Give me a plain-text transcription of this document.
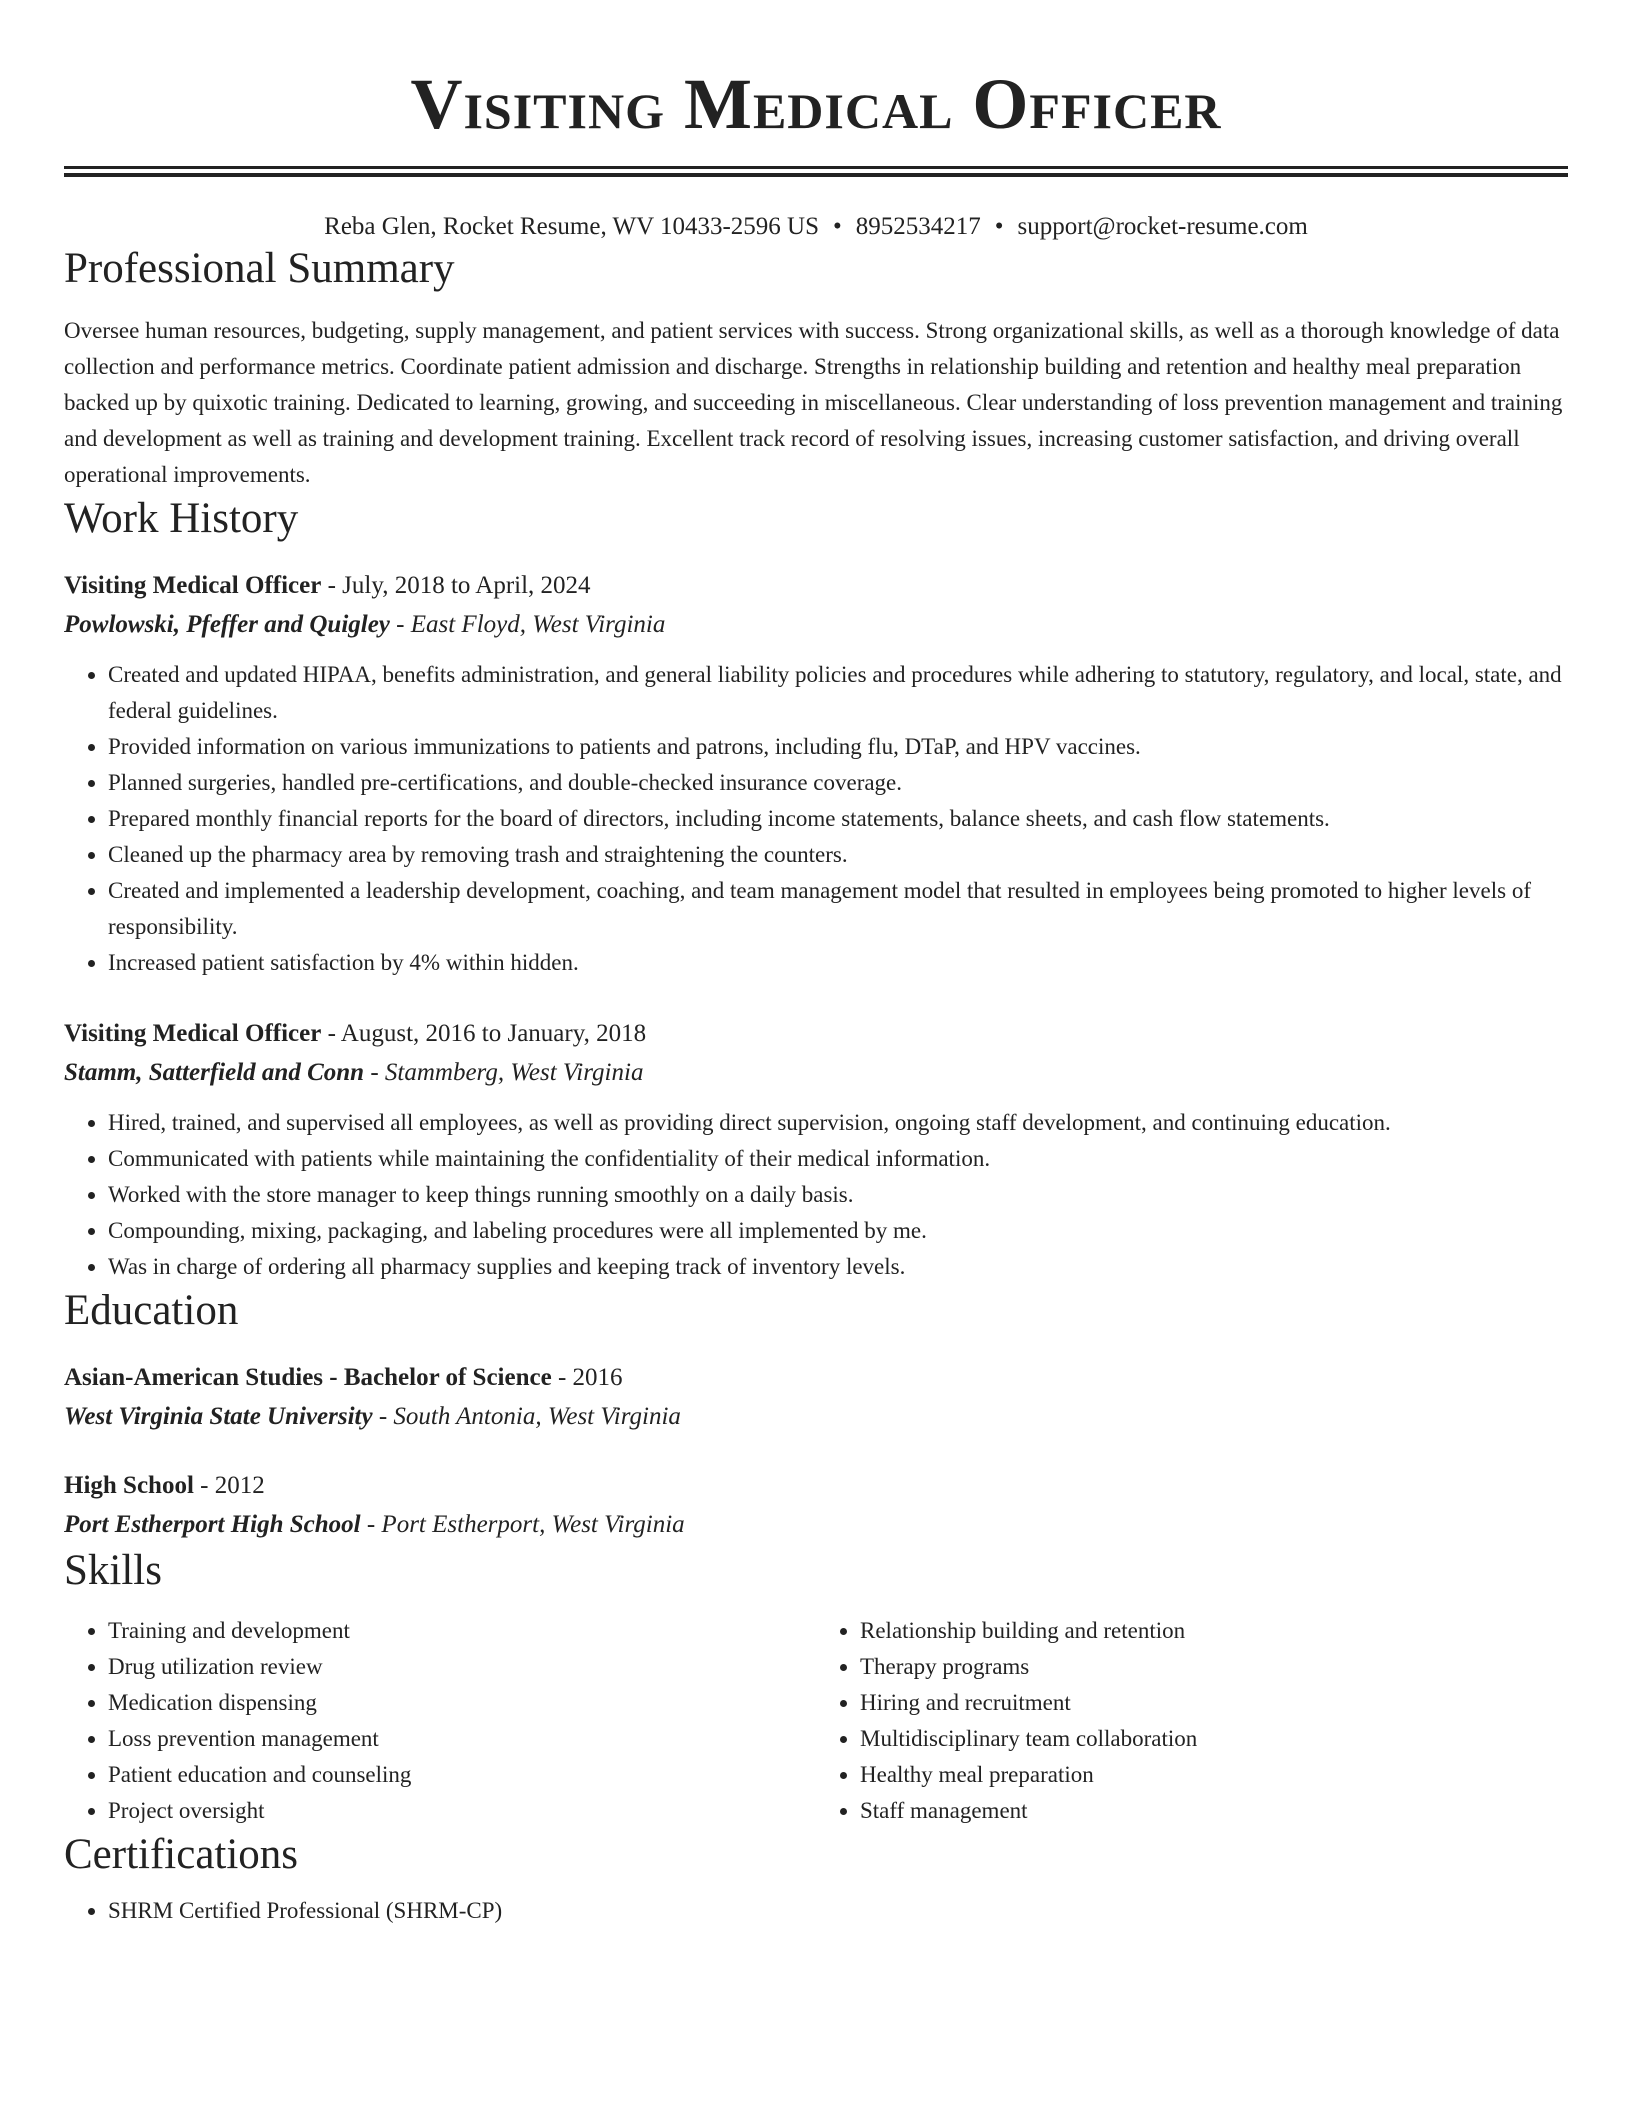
Visiting Medical Officer
Reba Glen, Rocket Resume, WV 10433-2596 US • 8952534217 • support@rocket-resume.com
Professional Summary

Oversee human resources, budgeting, supply management, and patient services with success. Strong organizational skills, as well as a thorough knowledge of data collection and performance metrics. Coordinate patient admission and discharge. Strengths in relationship building and retention and healthy meal preparation backed up by quixotic training. Dedicated to learning, growing, and succeeding in miscellaneous. Clear understanding of loss prevention management and training and development as well as training and development training. Excellent track record of resolving issues, increasing customer satisfaction, and driving overall operational improvements.

Work History
Visiting Medical Officer - July, 2018 to April, 2024
Powlowski, Pfeffer and Quigley - East Floyd, West Virginia
• Created and updated HIPAA, benefits administration, and general liability policies and procedures while adhering to statutory, regulatory, and local, state, and federal guidelines.
• Provided information on various immunizations to patients and patrons, including flu, DTaP, and HPV vaccines.
• Planned surgeries, handled pre-certifications, and double-checked insurance coverage.
• Prepared monthly financial reports for the board of directors, including income statements, balance sheets, and cash flow statements.
• Cleaned up the pharmacy area by removing trash and straightening the counters.
• Created and implemented a leadership development, coaching, and team management model that resulted in employees being promoted to higher levels of responsibility.
• Increased patient satisfaction by 4% within hidden.
Visiting Medical Officer - August, 2016 to January, 2018
Stamm, Satterfield and Conn - Stammberg, West Virginia
• Hired, trained, and supervised all employees, as well as providing direct supervision, ongoing staff development, and continuing education.
• Communicated with patients while maintaining the confidentiality of their medical information.
• Worked with the store manager to keep things running smoothly on a daily basis.
• Compounding, mixing, packaging, and labeling procedures were all implemented by me.
• Was in charge of ordering all pharmacy supplies and keeping track of inventory levels.
Education
Asian-American Studies - Bachelor of Science - 2016
West Virginia State University - South Antonia, West Virginia
High School - 2012
Port Estherport High School - Port Estherport, West Virginia
Skills
• Training and development
• Drug utilization review
• Medication dispensing
• Loss prevention management
• Patient education and counseling
• Project oversight
• Relationship building and retention
• Therapy programs
• Hiring and recruitment
• Multidisciplinary team collaboration
• Healthy meal preparation
• Staff management
Certifications
• SHRM Certified Professional (SHRM-CP)
